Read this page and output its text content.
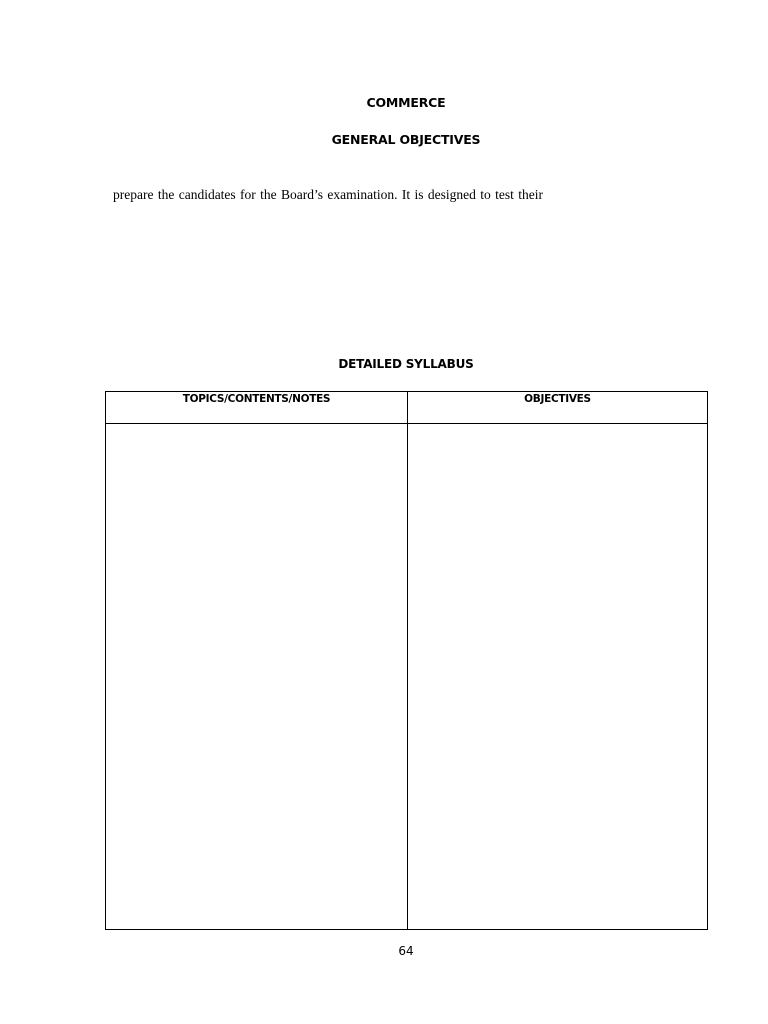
COMMERCE
GENERAL OBJECTIVES
prepare the candidates for the Board’s examination. It is designed to test their
DETAILED SYLLABUS
TOPICS/CONTENTS/NOTES	OBJECTIVES
64
